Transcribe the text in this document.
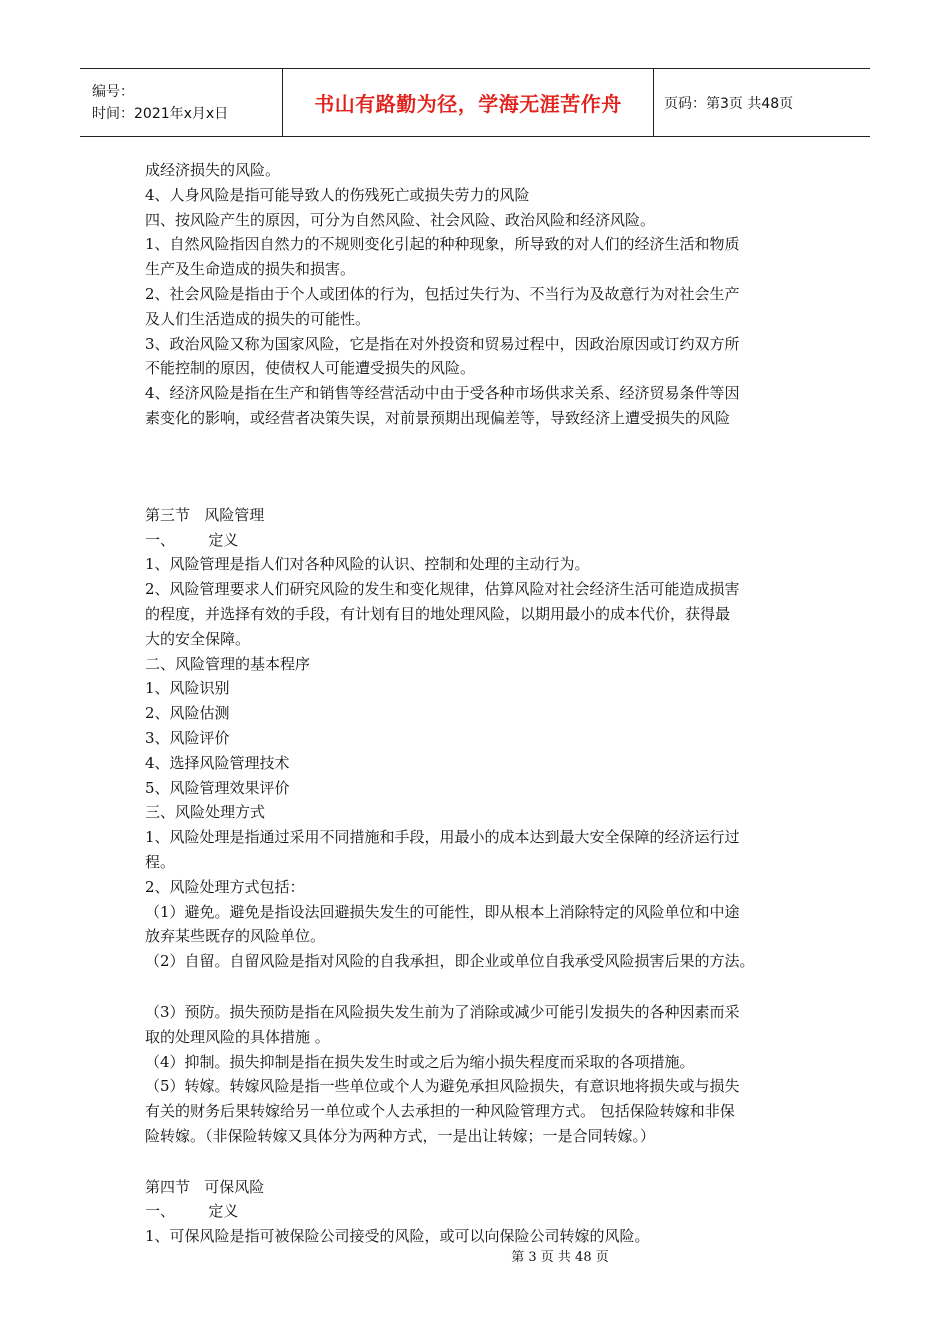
编号：
时间：2021年x月x日	书山有路勤为径，学海无涯苦作舟	页码：第3页 共48页

成经济损失的风险。

4、人身风险是指可能导致人的伤残死亡或损失劳力的风险

四、按风险产生的原因，可分为自然风险、社会风险、政治风险和经济风险。

1、自然风险指因自然力的不规则变化引起的种种现象，所导致的对人们的经济生活和物质

生产及生命造成的损失和损害。

2、社会风险是指由于个人或团体的行为，包括过失行为、不当行为及故意行为对社会生产

及人们生活造成的损失的可能性。

3、政治风险又称为国家风险，它是指在对外投资和贸易过程中，因政治原因或订约双方所

不能控制的原因，使债权人可能遭受损失的风险。

4、经济风险是指在生产和销售等经营活动中由于受各种市场供求关系、经济贸易条件等因

素变化的影响，或经营者决策失误，对前景预期出现偏差等，导致经济上遭受损失的风险

第三节   风险管理

一、       定义

1、风险管理是指人们对各种风险的认识、控制和处理的主动行为。

2、风险管理要求人们研究风险的发生和变化规律，估算风险对社会经济生活可能造成损害

的程度，并选择有效的手段，有计划有目的地处理风险，以期用最小的成本代价，获得最

大的安全保障。

二、风险管理的基本程序

1、风险识别

2、风险估测

3、风险评价

4、选择风险管理技术

5、风险管理效果评价

三、风险处理方式

1、风险处理是指通过采用不同措施和手段，用最小的成本达到最大安全保障的经济运行过

程。

2、风险处理方式包括：

（1）避免。避免是指设法回避损失发生的可能性，即从根本上消除特定的风险单位和中途

放弃某些既存的风险单位。

（2）自留。自留风险是指对风险的自我承担，即企业或单位自我承受风险损害后果的方法。

（3）预防。损失预防是指在风险损失发生前为了消除或减少可能引发损失的各种因素而采

取的处理风险的具体措施 。

（4）抑制。损失抑制是指在损失发生时或之后为缩小损失程度而采取的各项措施。

（5）转嫁。转嫁风险是指一些单位或个人为避免承担风险损失，有意识地将损失或与损失

有关的财务后果转嫁给另一单位或个人去承担的一种风险管理方式。 包括保险转嫁和非保

险转嫁。（非保险转嫁又具体分为两种方式，一是出让转嫁；一是合同转嫁。）

第四节   可保风险

一、       定义

1、可保风险是指可被保险公司接受的风险，或可以向保险公司转嫁的风险。

第 3 页 共 48 页
